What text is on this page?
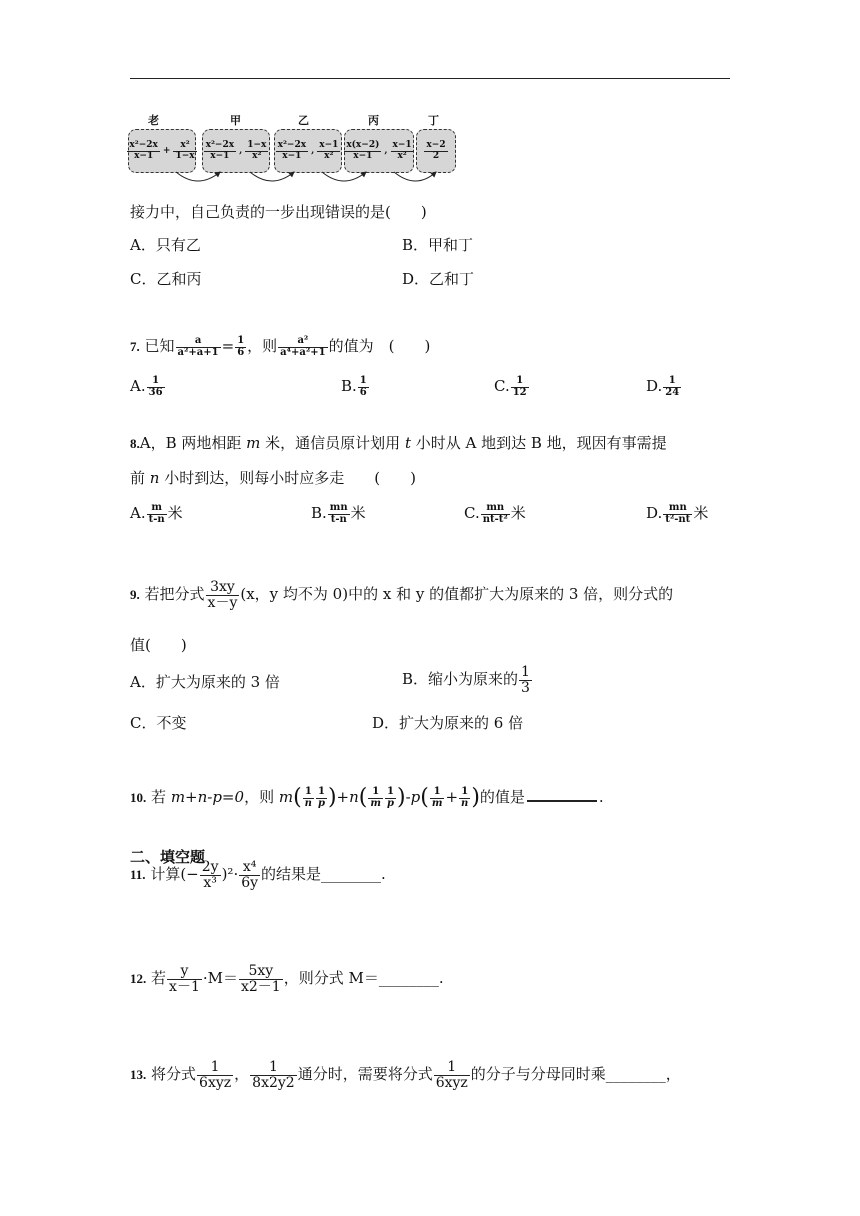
老	甲	乙	丙	丁
$\frac{\text{x²−2x}}{x-1} + \frac{\text{x²}}{1-x} \frac{\text{x²−2x}}{x-1}$ , $\frac{1-x}{\text{x²}} \frac{\text{x²−2x}}{x-1}$ , $\frac{x-1}{\text{x²}} \frac{x(x-2)}{x-1}$ , $\frac{x-1}{\text{x²}} \frac{x-2}{2}$
接力中，自己负责的一步出现错误的是(　　)
A．只有乙	B．甲和丁
C．乙和丙	D．乙和丁
7. 已知 $\frac{a}{\text{a²+a+1}} = \frac{1}{6}$ ，则 $\frac{\text{a²}}{\text{a⁴+a²+1}}$ 的值为　(　　)
A. $\frac{1}{36}$	B. $\frac{1}{6}$	C. $\frac{1}{12}$	D. $\frac{1}{24}$
8.A，B 两地相距 m 米，通信员原计划用 t 小时从 A 地到达 B 地，现因有事需提
前 n 小时到达，则每小时应多走　　(　　)
A. $\frac{m}{t-n}$ 米	B. $\frac{mn}{t-n}$ 米	C. $\frac{mn}{\text{nt-t²}}$ 米	D. $\frac{mn}{\text{t²-nt}}$ 米
9. 若把分式 $\frac{3xy}{x-y} (x$，y 均不为 0)中的 x 和 y 的值都扩大为原来的 3 倍，则分式的
值(　　)
A．扩大为原来的 3 倍	B．缩小为原来的 $\frac{1}{3}$
C．不变	D．扩大为原来的 6 倍
10. 若 m+n-p=0，则 $m( \frac{1}{n} \frac{1}{p} )+n( \frac{1}{m} \frac{1}{p} )-p( \frac{1}{m} + \frac{1}{n}$ )的值是	.
二、填空题
11. 计算(− $\frac{2y}{\text{x³}} )^2\cdot \frac{\text{x⁴}}{6y}$ 的结果是________.
12. 若 $\frac{y}{x-1} \cdot M= \frac{5xy}{x2-1}$ ，则分式 M＝________.
13. 将分式 $\frac{1}{\text{6xyz}}$ ， $\frac{1}{8x2y2}$ 通分时，需要将分式 $\frac{1}{\text{6xyz}}$ 的分子与分母同时乘________，
